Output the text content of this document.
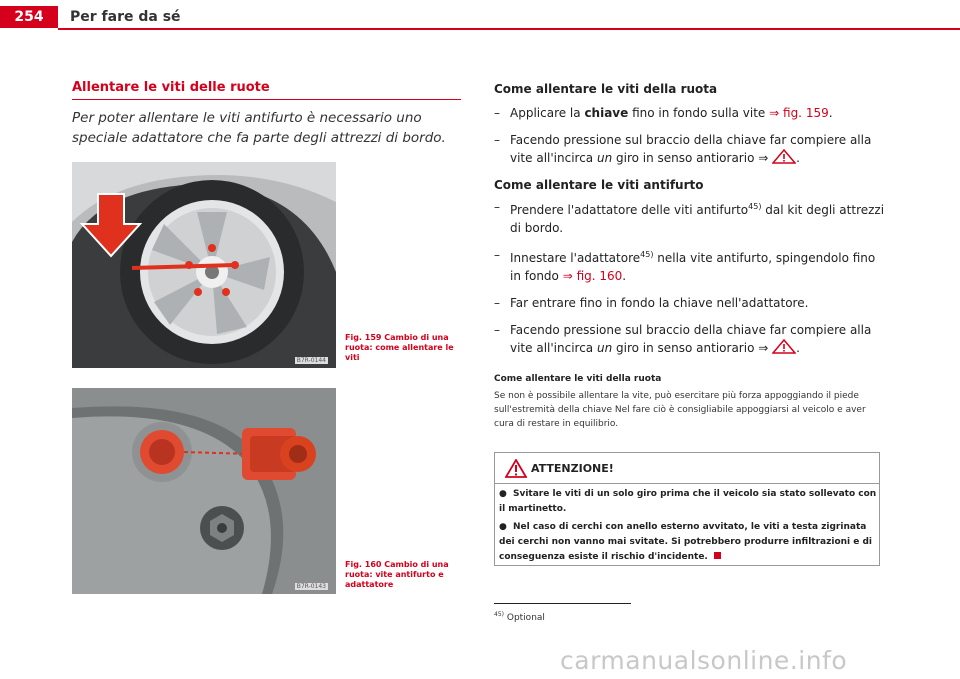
254	Per fare da sé
Allentare le viti delle ruote
Per poter allentare le viti antifurto è necessario uno speciale adattatore che fa parte degli attrezzi di bordo.
B7R-0144
Fig. 159 Cambio di una ruota: come allentare le viti
B7R-0143
Fig. 160 Cambio di una ruota: vite antifurto e adattatore
Come allentare le viti della ruota
– Applicare la chiave fino in fondo sulla vite ⇒ fig. 159.
– Facendo pressione sul braccio della chiave far compiere alla vite all'incirca un giro in senso antiorario ⇒ .
Come allentare le viti antifurto
– Prendere l'adattatore delle viti antifurto$^{45)}$ dal kit degli attrezzi di bordo.
– Innestare l'adattatore$^{45)}$ nella vite antifurto, spingendolo fino in fondo ⇒ fig. 160.
– Far entrare fino in fondo la chiave nell'adattatore.
– Facendo pressione sul braccio della chiave far compiere alla vite all'incirca un giro in senso antiorario ⇒ .
Come allentare le viti della ruota
Se non è possibile allentare la vite, può esercitare più forza appoggiando il piede sull'estremità della chiave Nel fare ciò è consigliabile appoggiarsi al veicolo e aver cura di restare in equilibrio.
ATTENZIONE!
● Svitare le viti di un solo giro prima che il veicolo sia stato sollevato con il martinetto.
● Nel caso di cerchi con anello esterno avvitato, le viti a testa zigrinata dei cerchi non vanno mai svitate. Si potrebbero produrre infiltrazioni e di conseguenza esiste il rischio d'incidente.
$^{45)}$ Optional
carmanualsonline.info
